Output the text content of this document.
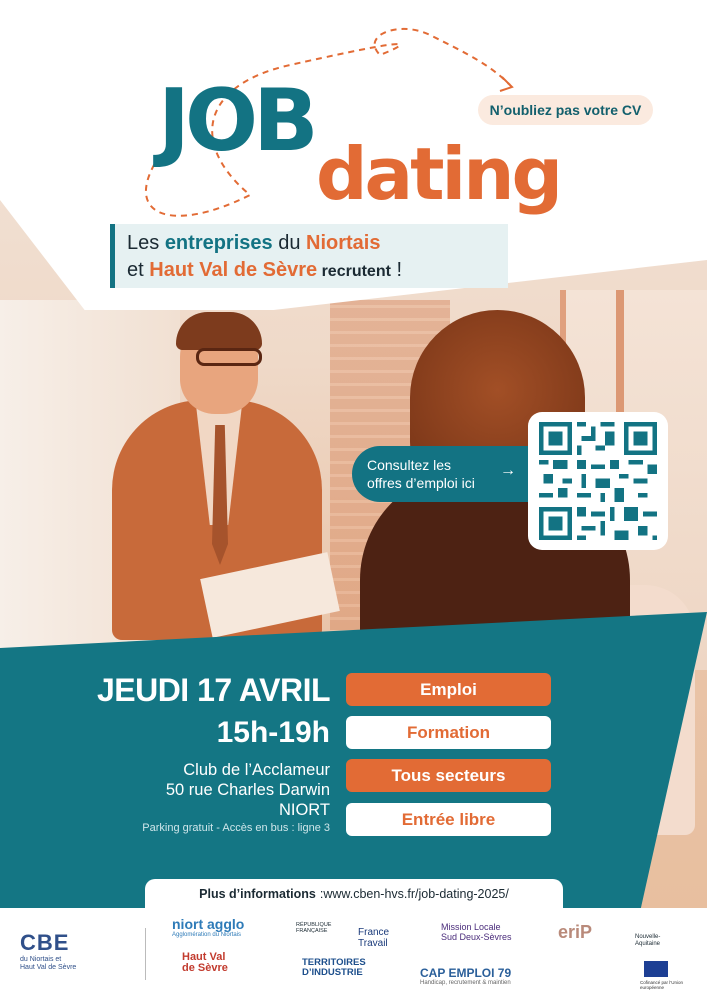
JOB
dating
N’oubliez pas votre CV
Les entreprises du Niortais
et Haut Val de Sèvre recrutent !
Consultez les
offres d’emploi ici
→
JEUDI 17 AVRIL
15h-19h
Club de l’Acclameur
50 rue Charles Darwin
NIORT
Parking gratuit - Accès en bus : ligne 3
Emploi
Formation
Tous secteurs
Entrée libre
Plus d’informations : www.cben-hvs.fr/job-dating-2025/
CBE
du Niortais et
Haut Val de Sèvre
niort agglo
Agglomération du Niortais
Haut Val
de Sèvre
RÉPUBLIQUE
FRANÇAISE	France
Travail
TERRITOIRES
D’INDUSTRIE
Mission Locale
Sud Deux-Sèvres
CAP EMPLOI 79
Handicap, recrutement & maintien
eriP	Nouvelle-
Aquitaine
Cofinancé par l’Union européenne
